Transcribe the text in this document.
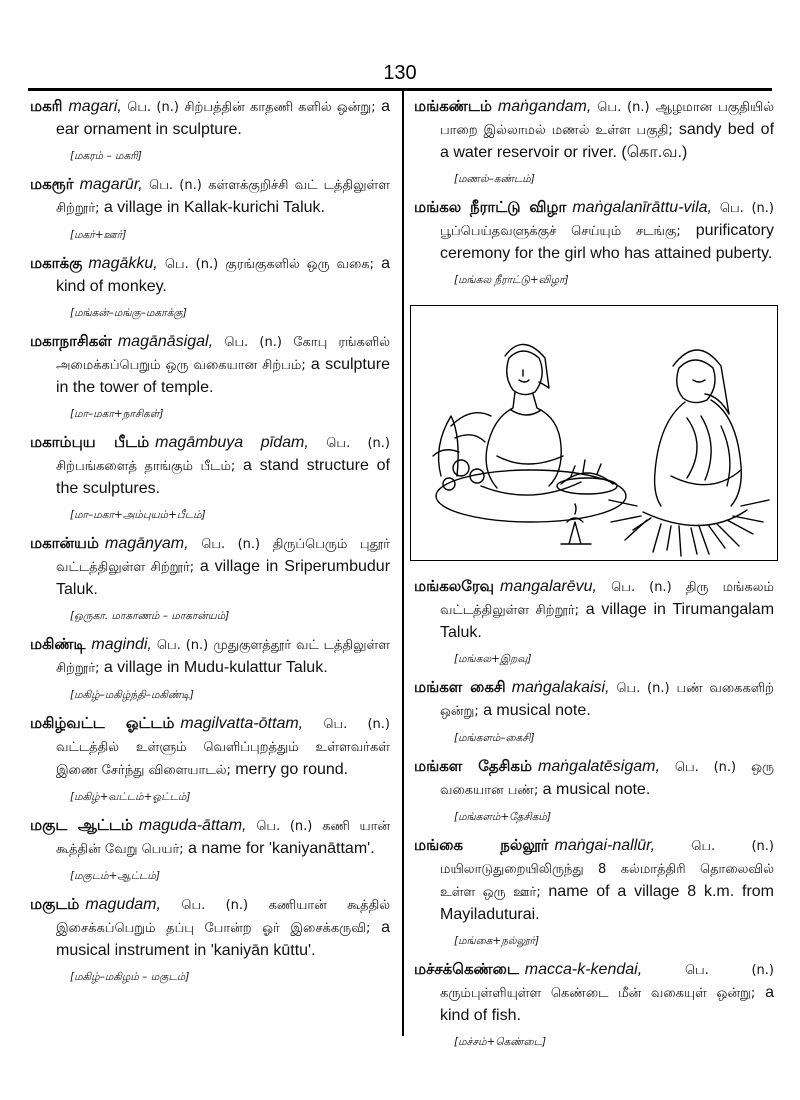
130
மகரி magari, பெ. (n.) சிற்பத்தின் காதணி களில் ஒன்று; a ear ornament in sculpture.
[மகரம் – மகரி]
மகரூர் magarūr, பெ. (n.) கள்ளக்குறிச்சி வட் டத்திலுள்ள சிற்றூர்; a village in Kallak-kurichi Taluk.
[மகர்+ஊர்]
மகாக்கு magākku, பெ. (n.) குரங்குகளில் ஒரு வகை; a kind of monkey.
[மங்கன்–மங்கு–மகாக்கு]
மகாநாசிகள் magānāsigal, பெ. (n.) கோபு ரங்களில் அமைக்கப்பெறும் ஒரு வகையான சிற்பம்; a sculpture in the tower of temple.
[மா–மகா+நாசிகள்]
மகாம்புய பீடம் magāmbuya pīdam, பெ. (n.) சிற்பங்களைத் தாங்கும் பீடம்; a stand structure of the sculptures.
[மா–மகா+அம்புயம்+பீடம்]
மகான்யம் magānyam, பெ. (n.) திருப்பெரும் புதூர் வட்டத்திலுள்ள சிற்றூர்; a village in Sriperumbudur Taluk.
[ஒருகா. மாகாணம் – மாகான்யம்]
மகிண்டி magindi, பெ. (n.) முதுகுளத்தூர் வட் டத்திலுள்ள சிற்றூர்; a village in Mudu-kulattur Taluk.
[மகிழ்–மகிழ்ந்தி–மகிண்டி]
மகிழ்வட்ட ஓட்டம் magilvatta-ōttam, பெ. (n.) வட்டத்தில் உள்ளும் வெளிப்புறத்தும் உள்ளவர்கள் இணை சேர்ந்து விளையாடல்; merry go round.
[மகிழ்+வட்டம்+ஓட்டம்]
மகுட ஆட்டம் maguda-āttam, பெ. (n.) கணி யான் கூத்தின் வேறு பெயர்; a name for 'kaniyanāttam'.
[மகுடம்+ஆட்டம்]
மகுடம் magudam, பெ. (n.) கணியான் கூத்தில் இசைக்கப்பெறும் தப்பு போன்ற ஓர் இசைக்கருவி; a musical instrument in 'kaniyān kūttu'.
[மகிழ்–மகிழம் – மகுடம்]
மங்கண்டம் maṅgandam, பெ. (n.) ஆழமான பகுதியில் பாறை இல்லாமல் மணல் உள்ள பகுதி; sandy bed of a water reservoir or river. (கொ.வ.)
[மணல்–கண்டம்]
மங்கல நீராட்டு விழா maṅgalanīrāttu-vila, பெ. (n.) பூப்பெய்தவளுக்குச் செய்யும் சடங்கு; purificatory ceremony for the girl who has attained puberty.
[மங்கல நீராட்டு+விழா]
மங்கலரேவு mangalarēvu, பெ. (n.) திரு மங்கலம் வட்டத்திலுள்ள சிற்றூர்; a village in Tirumangalam Taluk.
[மங்கல+இறவு]
மங்கள கைசி maṅgalakaisi, பெ. (n.) பண் வகைகளிற் ஒன்று; a musical note.
[மங்களம்–கைசி]
மங்கள தேசிகம் maṅgalatēsigam, பெ. (n.) ஒரு வகையான பண்; a musical note.
[மங்களம்+தேசிகம்]
மங்கை நல்லூர் maṅgai-nallūr,	பெ. (n.) மயிலாடுதுறையிலிருந்து 8 கல்மாத்திரி தொலைவில் உள்ள ஒரு ஊர்; name of a village 8 k.m. from Mayiladuturai.
[மங்கை+நல்லூர்]
மச்சக்கெண்டை macca-k-kendai,	பெ. (n.) கரும்புள்ளியுள்ள கெண்டை மீன் வகையுள் ஒன்று; a kind of fish.
[மச்சம்+கெண்டை]
